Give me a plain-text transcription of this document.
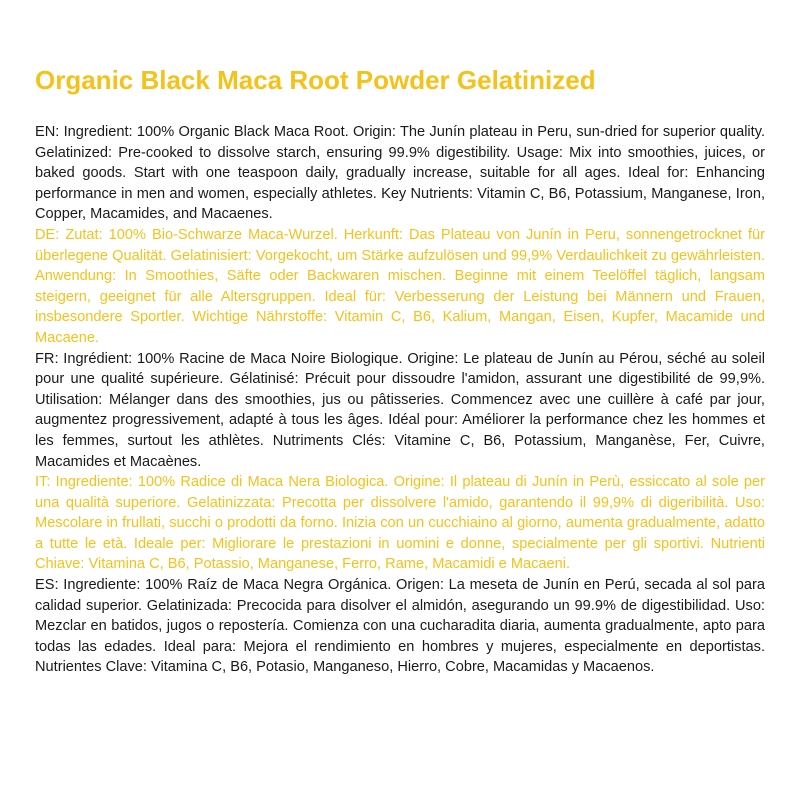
Organic Black Maca Root Powder Gelatinized

EN: Ingredient: 100% Organic Black Maca Root. Origin: The Junín plateau in Peru, sun-dried for superior quality. Gelatinized: Pre-cooked to dissolve starch, ensuring 99.9% digestibility. Usage: Mix into smoothies, juices, or baked goods. Start with one teaspoon daily, gradually increase, suitable for all ages. Ideal for: Enhancing performance in men and women, especially athletes. Key Nutrients: Vitamin C, B6, Potassium, Manganese, Iron, Copper, Macamides, and Macaenes.

DE: Zutat: 100% Bio-Schwarze Maca-Wurzel. Herkunft: Das Plateau von Junín in Peru, sonnengetrocknet für überlegene Qualität. Gelatinisiert: Vorgekocht, um Stärke aufzulösen und 99,9% Verdaulichkeit zu gewährleisten. Anwendung: In Smoothies, Säfte oder Backwaren mischen. Beginne mit einem Teelöffel täglich, langsam steigern, geeignet für alle Altersgruppen. Ideal für: Verbesserung der Leistung bei Männern und Frauen, insbesondere Sportler. Wichtige Nährstoffe: Vitamin C, B6, Kalium, Mangan, Eisen, Kupfer, Macamide und Macaene.

FR: Ingrédient: 100% Racine de Maca Noire Biologique. Origine: Le plateau de Junín au Pérou, séché au soleil pour une qualité supérieure. Gélatinisé: Précuit pour dissoudre l'amidon, assurant une digestibilité de 99,9%. Utilisation: Mélanger dans des smoothies, jus ou pâtisseries. Commencez avec une cuillère à café par jour, augmentez progressivement, adapté à tous les âges. Idéal pour: Améliorer la performance chez les hommes et les femmes, surtout les athlètes. Nutriments Clés: Vitamine C, B6, Potassium, Manganèse, Fer, Cuivre, Macamides et Macaènes.

IT: Ingrediente: 100% Radice di Maca Nera Biologica. Origine: Il plateau di Junín in Perù, essiccato al sole per una qualità superiore. Gelatinizzata: Precotta per dissolvere l'amido, garantendo il 99,9% di digeribilità. Uso: Mescolare in frullati, succhi o prodotti da forno. Inizia con un cucchiaino al giorno, aumenta gradualmente, adatto a tutte le età. Ideale per: Migliorare le prestazioni in uomini e donne, specialmente per gli sportivi. Nutrienti Chiave: Vitamina C, B6, Potassio, Manganese, Ferro, Rame, Macamidi e Macaeni.

ES: Ingrediente: 100% Raíz de Maca Negra Orgánica. Origen: La meseta de Junín en Perú, secada al sol para calidad superior. Gelatinizada: Precocida para disolver el almidón, asegurando un 99.9% de digestibilidad. Uso: Mezclar en batidos, jugos o repostería. Comienza con una cucharadita diaria, aumenta gradualmente, apto para todas las edades. Ideal para: Mejora el rendimiento en hombres y mujeres, especialmente en deportistas. Nutrientes Clave: Vitamina C, B6, Potasio, Manganeso, Hierro, Cobre, Macamidas y Macaenos.
